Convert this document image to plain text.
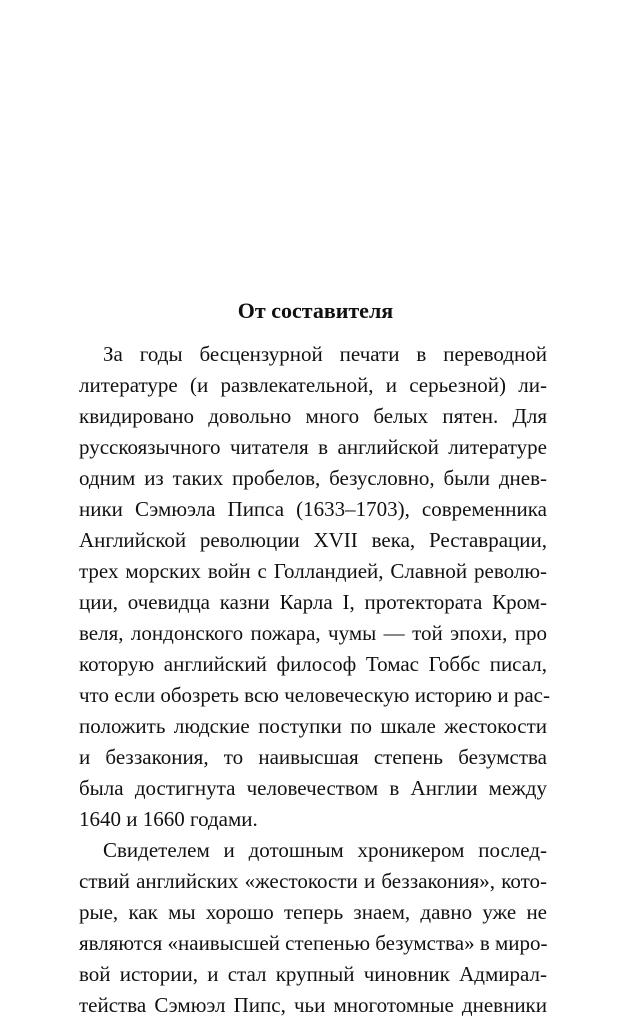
От составителя

За годы бесцензурной печати в переводной
литературе (и развлекательной, и серьезной) ли-
квидировано довольно много белых пятен. Для
русскоязычного читателя в английской литературе
одним из таких пробелов, безусловно, были днев-
ники Сэмюэла Пипса (1633–1703), современника
Английской революции XVII века, Реставрации,
трех морских войн с Голландией, Славной револю-
ции, очевидца казни Карла I, протектората Кром-
веля, лондонского пожара, чумы — той эпохи, про
которую английский философ Томас Гоббс писал,
что если обозреть всю человеческую историю и рас-
положить людские поступки по шкале жестокости
и беззакония, то наивысшая степень безумства
была достигнута человечеством в Англии между
1640 и 1660 годами.

Свидетелем и дотошным хроникером послед-
ствий английских «жестокости и беззакония», кото-
рые, как мы хорошо теперь знаем, давно уже не
являются «наивысшей степенью безумства» в миро-
вой истории, и стал крупный чиновник Адмирал-
тейства Сэмюэл Пипс, чьи многотомные дневники
